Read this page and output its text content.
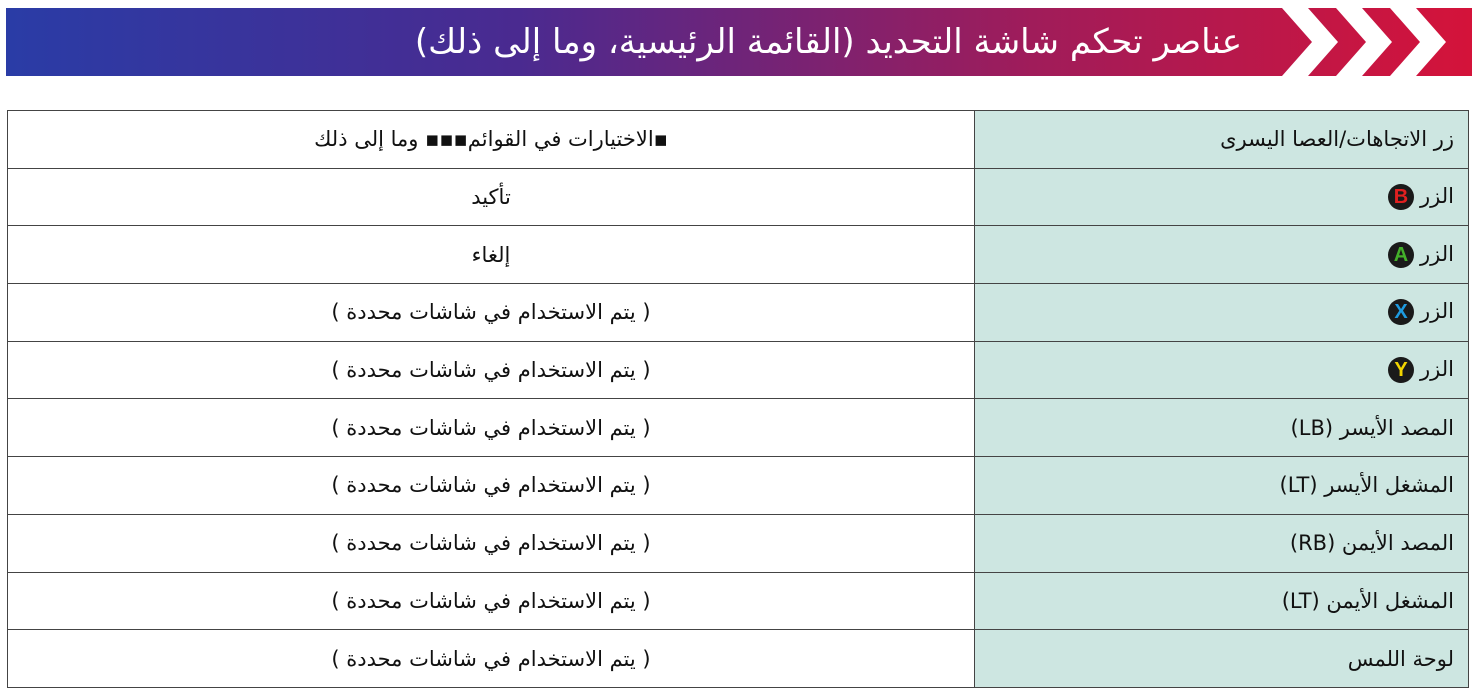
عناصر تحكم شاشة التحديد (القائمة الرئيسية، وما إلى ذلك)
زر الاتجاهات/العصا اليسرى	▪الاختيارات في القوائم▪▪▪ وما إلى ذلك
الزرB	تأكيد
الزرA	إلغاء
الزرX	( يتم الاستخدام في شاشات محددة )
الزرY	( يتم الاستخدام في شاشات محددة )
المصد الأيسر (LB)	( يتم الاستخدام في شاشات محددة )
المشغل الأيسر (LT)	( يتم الاستخدام في شاشات محددة )
المصد الأيمن (RB)	( يتم الاستخدام في شاشات محددة )
المشغل الأيمن (LT)	( يتم الاستخدام في شاشات محددة )
لوحة اللمس	( يتم الاستخدام في شاشات محددة )
